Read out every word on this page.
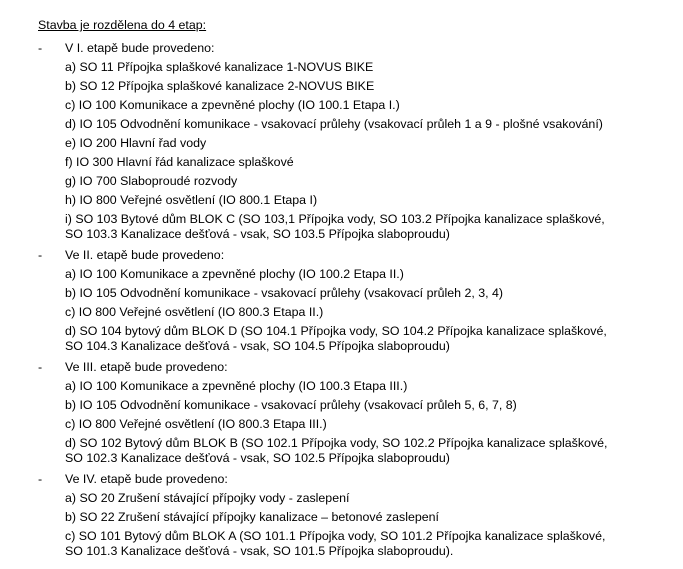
Stavba je rozdělena do 4 etap:
- V I. etapě bude provedeno:
a) SO 11 Přípojka splaškové kanalizace 1-NOVUS BIKE
b) SO 12 Přípojka splaškové kanalizace 2-NOVUS BIKE
c) IO 100 Komunikace a zpevněné plochy (IO 100.1 Etapa I.)
d) IO 105 Odvodnění komunikace - vsakovací průlehy (vsakovací průleh 1 a 9 - plošné vsakování)
e) IO 200 Hlavní řad vody
f) IO 300 Hlavní řád kanalizace splaškové
g) IO 700 Slaboproudé rozvody
h) IO 800 Veřejné osvětlení (IO 800.1 Etapa I)
i) SO 103 Bytové dům BLOK C (SO 103,1 Přípojka vody, SO 103.2 Přípojka kanalizace splaškové,
SO 103.3 Kanalizace dešťová - vsak, SO 103.5 Přípojka slaboproudu)
- Ve II. etapě bude provedeno:
a) IO 100 Komunikace a zpevněné plochy (IO 100.2 Etapa II.)
b) IO 105 Odvodnění komunikace - vsakovací průlehy (vsakovací průleh 2, 3, 4)
c) IO 800 Veřejné osvětlení (IO 800.3 Etapa II.)
d) SO 104 bytový dům BLOK D (SO 104.1 Přípojka vody, SO 104.2 Přípojka kanalizace splaškové,
SO 104.3 Kanalizace dešťová - vsak, SO 104.5 Přípojka slaboproudu)
- Ve III. etapě bude provedeno:
a) IO 100 Komunikace a zpevněné plochy (IO 100.3 Etapa III.)
b) IO 105 Odvodnění komunikace - vsakovací průlehy (vsakovací průleh 5, 6, 7, 8)
c) IO 800 Veřejné osvětlení (IO 800.3 Etapa III.)
d) SO 102 Bytový dům BLOK B (SO 102.1 Přípojka vody, SO 102.2 Přípojka kanalizace splaškové,
SO 102.3 Kanalizace dešťová - vsak, SO 102.5 Přípojka slaboproudu)
- Ve IV. etapě bude provedeno:
a) SO 20 Zrušení stávající přípojky vody - zaslepení
b) SO 22 Zrušení stávající přípojky kanalizace – betonové zaslepení
c) SO 101 Bytový dům BLOK A (SO 101.1 Přípojka vody, SO 101.2 Přípojka kanalizace splaškové,
SO 101.3 Kanalizace dešťová - vsak, SO 101.5 Přípojka slaboproudu).
